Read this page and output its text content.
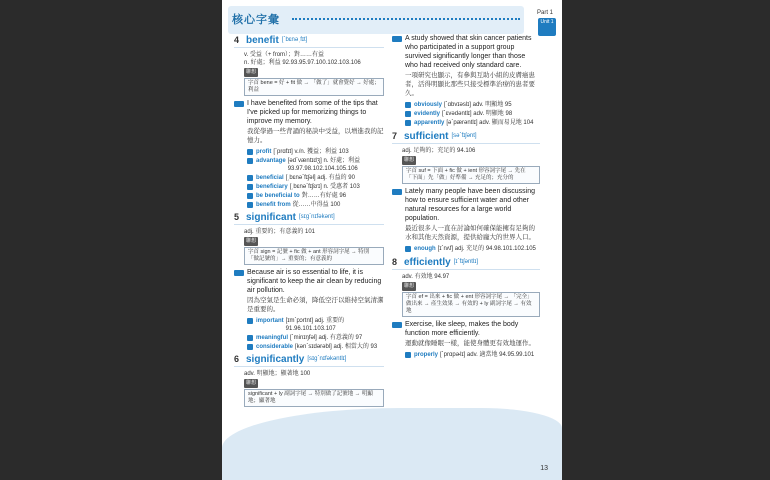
核心字彙
Part 1
Unit 1
4 benefit [ˋbɛnəˌfɪt]
v. 受益（+ from）；對……有益
n. 好處；利益 92.93.95.97.100.102.103.106
聯想
字首 bene = 好 + fit 做 → 「做了」就會覺好 → 好處；利益
I have benefited from some of the tips that I've picked up for memorizing things to improve my memory.
我從學過一些背誦的秘訣中受益，以增進我的記憶力。
profit [ˋprɑfɪt] v./n. 獲益；利益 103
advantage [ədˋvæntɪdʒ] n. 好處；利益 93.97.98.102.104.105.106
beneficial [ˌbɛnəˋfɪʃəl] adj. 有益的 90
beneficiary [ˌbɛnəˋfɪʃɛrɪ] n. 受惠者 103
be beneficial to 對……有好處 96
benefit from 從……中得益 100
5 significant [sɪgˋnɪfəkənt]
adj. 重要的；有意義的 101
聯想
字首 sign = 記號 + fic 做 + ant 形容詞字尾 → 特別「做記號的」→ 重要的；有意義的
Because air is so essential to life, it is significant to keep the air clean by reducing air pollution.
因為空氣是生命必須，降低空汙以維持空氣清潔是重要的。
important [ɪmˋpɔrtnt] adj. 重要的 91.96.101.103.107
meaningful [ˋminɪŋfəl] adj. 有意義的 97
considerable [kənˋsɪdərəbl] adj. 相當大的 93
6 significantly [sɪgˋnɪfəkəntlɪ]
adv. 明顯地；顯著地 100
聯想
significant + ly 副詞字尾 → 特別做了記號地 → 明顯地；顯著地
A study showed that skin cancer patients who participated in a support group survived significantly longer than those who had received only standard care.
一項研究也顯示，有參與互助小組的皮膚癌患者，活得明顯比那些只接受標準治療的患者要久。
obviously [ˋɑbvɪəslɪ] adv. 明顯地 95
evidently [ˋɛvədəntlɪ] adv. 明顯地 98
apparently [əˋpærəntlɪ] adv. 顯而易見地 104
7 sufficient [səˋfɪʃənt]
adj. 足夠的；充足的 94.106
聯想
字首 suf = 下面 + fic 做 + ient 形容詞字尾 → 先在「下面」先「做」好準備 → 充足的；充分的
Lately many people have been discussing how to ensure sufficient water and other natural resources for a large world population.
最近很多人一直在討論如何確保能擁有足夠的水和其他天然資源，提供給龐大的世界人口。
enough [ɪˋnʌf] adj. 充足的 94.98.101.102.105
8 efficiently [ɪˋfɪʃəntlɪ]
adv. 有效地 94.97
聯想
字首 ef = 出來 + fic 做 + ent 形容詞字尾 → 「完全」做出來 → 產生效果 → 有效的 + ly 副詞字尾 → 有效地
Exercise, like sleep, makes the body function more efficiently.
運動就像睡眠一樣，能使身體更有效地運作。
properly [ˋprɑpɚlɪ] adv. 適當地 94.95.99.101
13
